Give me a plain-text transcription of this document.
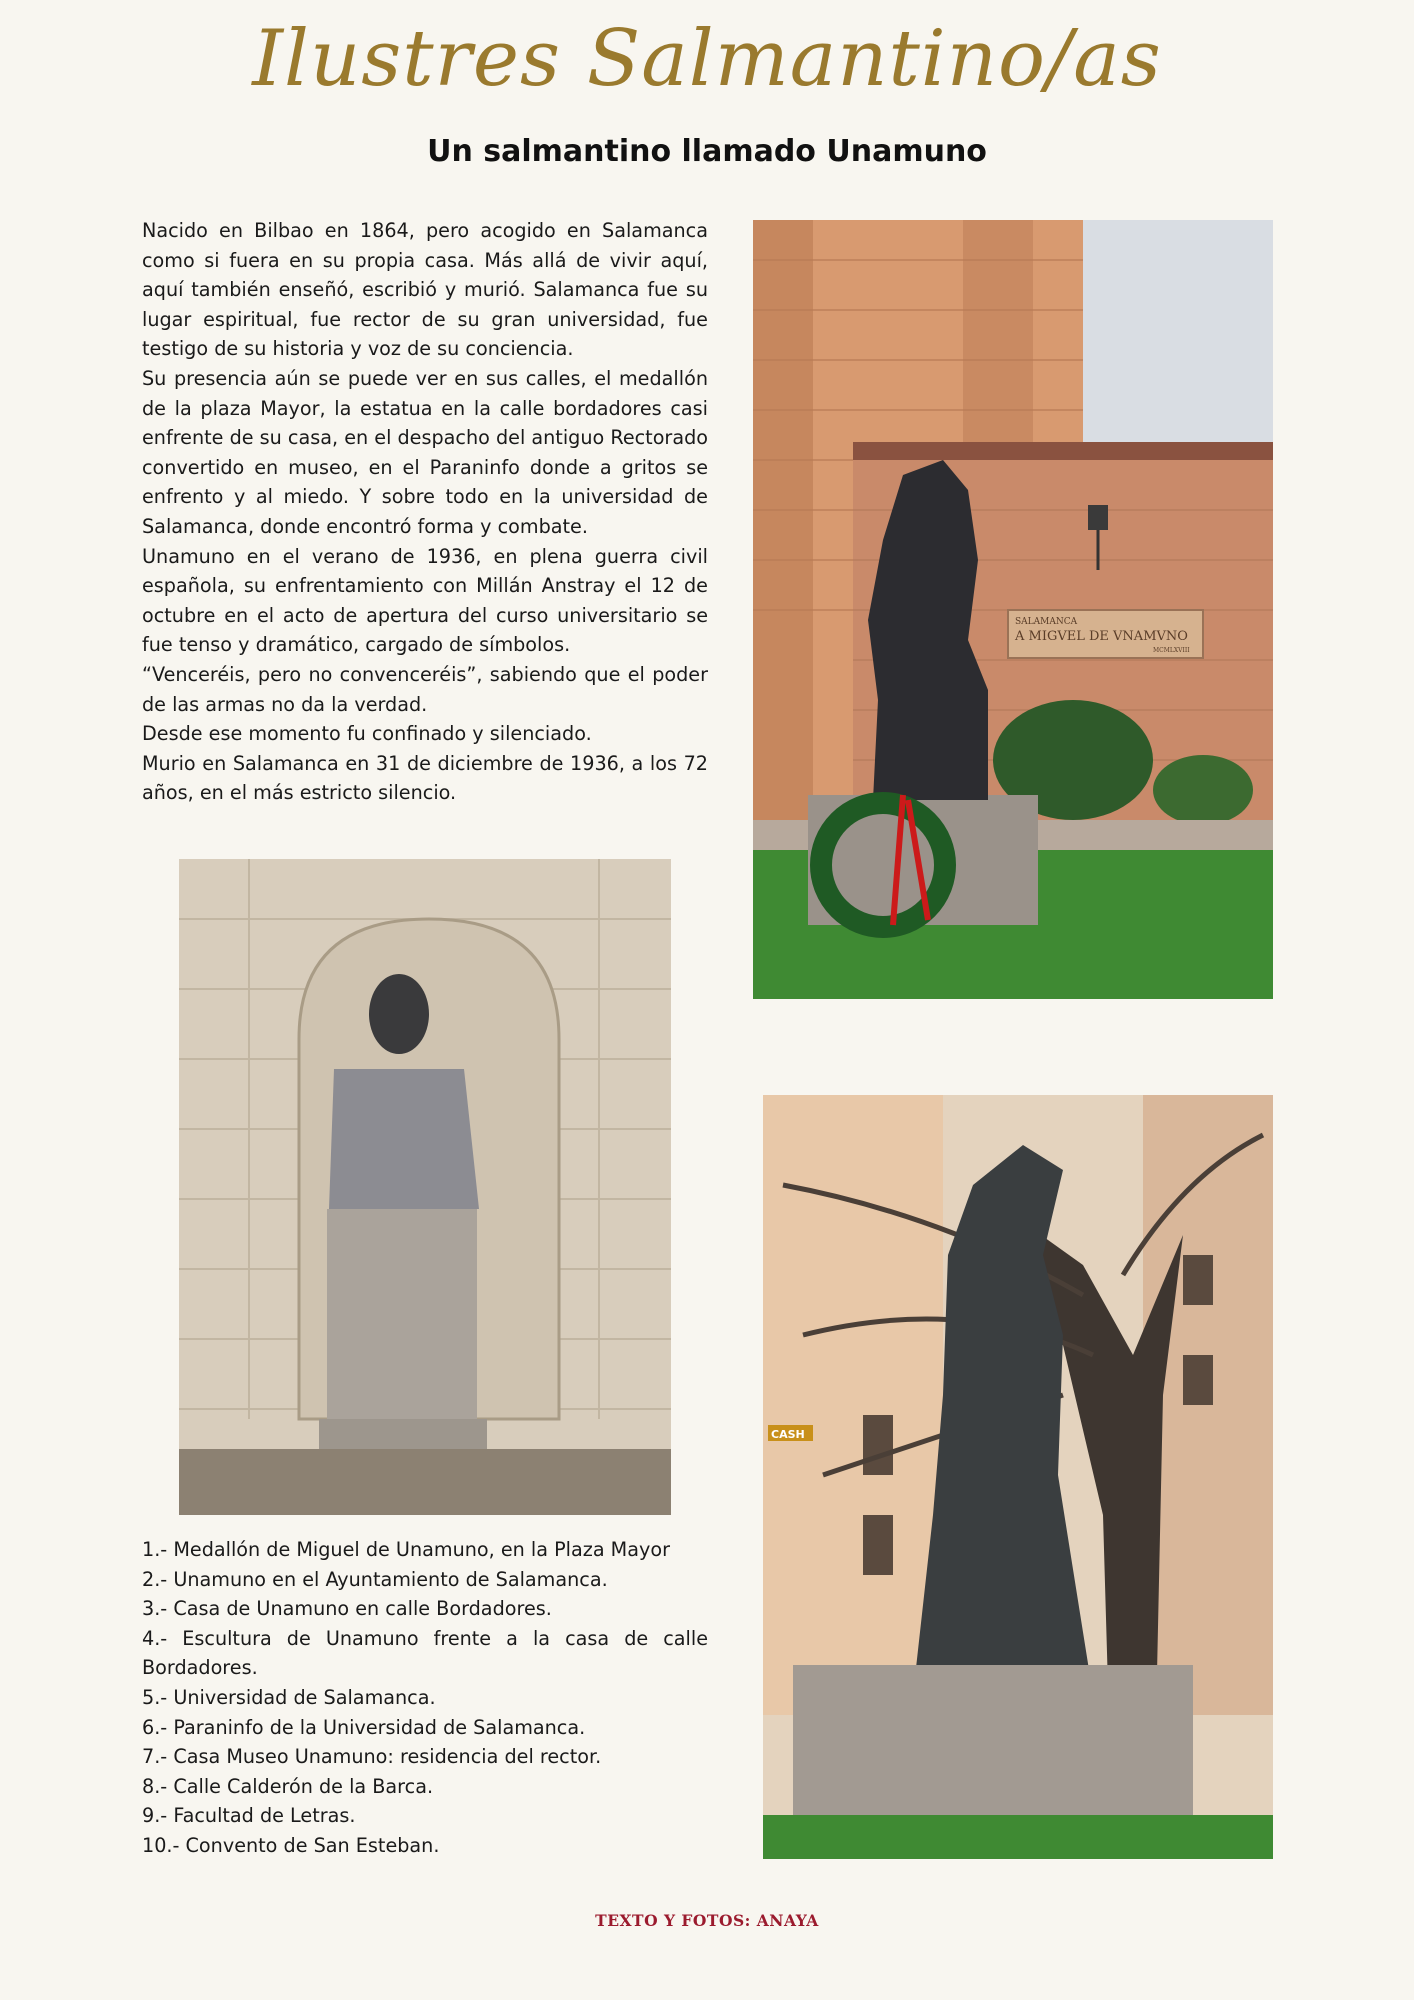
Ilustres Salmantino/as
Un salmantino llamado Unamuno

Nacido en Bilbao en 1864, pero acogido en Salamanca como si fuera en su propia casa. Más allá de vivir aquí, aquí también enseñó, escribió y murió. Salamanca fue su lugar espiritual, fue rector de su gran universidad, fue testigo de su historia y voz de su conciencia.

Su presencia aún se puede ver en sus calles, el medallón de la plaza Mayor, la estatua en la calle bordadores casi enfrente de su casa, en el despacho del antiguo Rectorado convertido en museo, en el Paraninfo donde a gritos se enfrento y al miedo. Y sobre todo en la universidad de Salamanca, donde encontró forma y combate.

Unamuno en el verano de 1936, en plena guerra civil española, su enfrentamiento con Millán Anstray el 12 de octubre en el acto de apertura del curso universitario se fue tenso y dramático, cargado de símbolos.

“Venceréis, pero no convenceréis”, sabiendo que el poder de las armas no da la verdad.

Desde ese momento fu confinado y silenciado.

Murio en Salamanca en 31 de diciembre de 1936, a los 72 años, en el más estricto silencio.

SALAMANCA
A MIGVEL DE VNAMVNO
MCMLXVIII
CASH
1.- Medallón de Miguel de Unamuno, en la Plaza Mayor
2.- Unamuno en el Ayuntamiento de Salamanca.
3.- Casa de Unamuno en calle Bordadores.
4.- Escultura de Unamuno frente a la casa de calle Bordadores.
5.- Universidad de Salamanca.
6.- Paraninfo de la Universidad de Salamanca.
7.- Casa Museo Unamuno: residencia del rector.
8.- Calle Calderón de la Barca.
9.- Facultad de Letras.
10.- Convento de San Esteban.
TEXTO Y FOTOS: ANAYA
